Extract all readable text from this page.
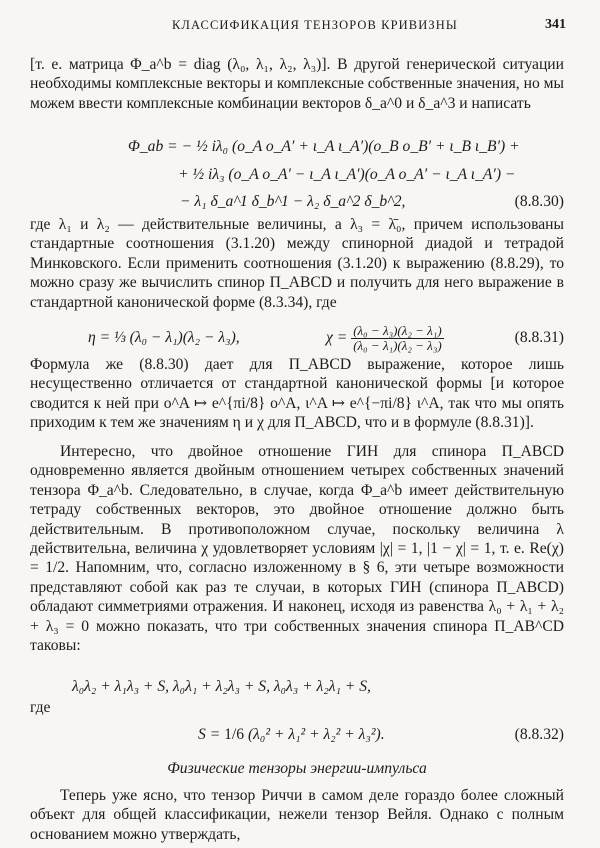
КЛАССИФИКАЦИЯ ТЕНЗОРОВ КРИВИЗНЫ	341

[т. е. матрица Φ_a^b = diag (λ₀, λ₁, λ₂, λ₃)]. В другой генерической ситуации необходимы комплексные векторы и комплексные собственные значения, но мы можем ввести комплексные комбинации векторов δ_a^0 и δ_a^3 и написать

Φ_ab = − ½ iλ₀ (o_A o_A′ + ι_A ι_A′)(o_B o_B′ + ι_B ι_B′) +
+ ½ iλ₃ (o_A o_A′ − ι_A ι_A′)(o_A o_A′ − ι_A ι_A′) −
− λ₁ δ_a^1 δ_b^1 − λ₂ δ_a^2 δ_b^2,	(8.8.30)

где λ₁ и λ₂ — действительные величины, а λ₃ = λ̄₀, причем использованы стандартные соотношения (3.1.20) между спинорной диадой и тетрадой Минковского. Если применить соотношения (3.1.20) к выражению (8.8.29), то можно сразу же вычислить спинор Π_ABCD и получить для него выражение в стандартной канонической форме (8.3.34), где

η = ⅓ (λ₀ − λ₁)(λ₂ − λ₃),	$\chi = \frac{\text{(λ₀ − λ₃)(λ₂ − λ₁)}}{\text{(λ₀ − λ₁)(λ₂ − λ₃)}}$	(8.8.31)

Формула же (8.8.30) дает для Π_ABCD выражение, которое лишь несущественно отличается от стандартной канонической формы [и которое сводится к ней при o^A ↦ e^{πi/8} o^A, ι^A ↦ e^{−πi/8} ι^A, так что мы опять приходим к тем же значениям η и χ для Π_ABCD, что и в формуле (8.8.31)].

Интересно, что двойное отношение ГИН для спинора Π_ABCD одновременно является двойным отношением четырех собственных значений тензора Φ_a^b. Следовательно, в случае, когда Φ_a^b имеет действительную тетраду собственных векторов, это двойное отношение должно быть действительным. В противоположном случае, поскольку величина λ действительна, величина χ удовлетворяет условиям |χ| = 1, |1 − χ| = 1, т. е. Re(χ) = 1/2. Напомним, что, согласно изложенному в § 6, эти четыре возможности представляют собой как раз те случаи, в которых ГИН (спинора Π_ABCD) обладают симметриями отражения. И наконец, исходя из равенства λ₀ + λ₁ + λ₂ + λ₃ = 0 можно показать, что три собственных значения спинора Π_AB^CD таковы:

λ₀λ₂ + λ₁λ₃ + S, λ₀λ₁ + λ₂λ₃ + S, λ₀λ₃ + λ₂λ₁ + S,

где

S = 1/6 (λ₀² + λ₁² + λ₂² + λ₃²).	(8.8.32)

Физические тензоры энергии-импульса

Теперь уже ясно, что тензор Риччи в самом деле гораздо более сложный объект для общей классификации, нежели тензор Вейля. Однако с полным основанием можно утверждать,
